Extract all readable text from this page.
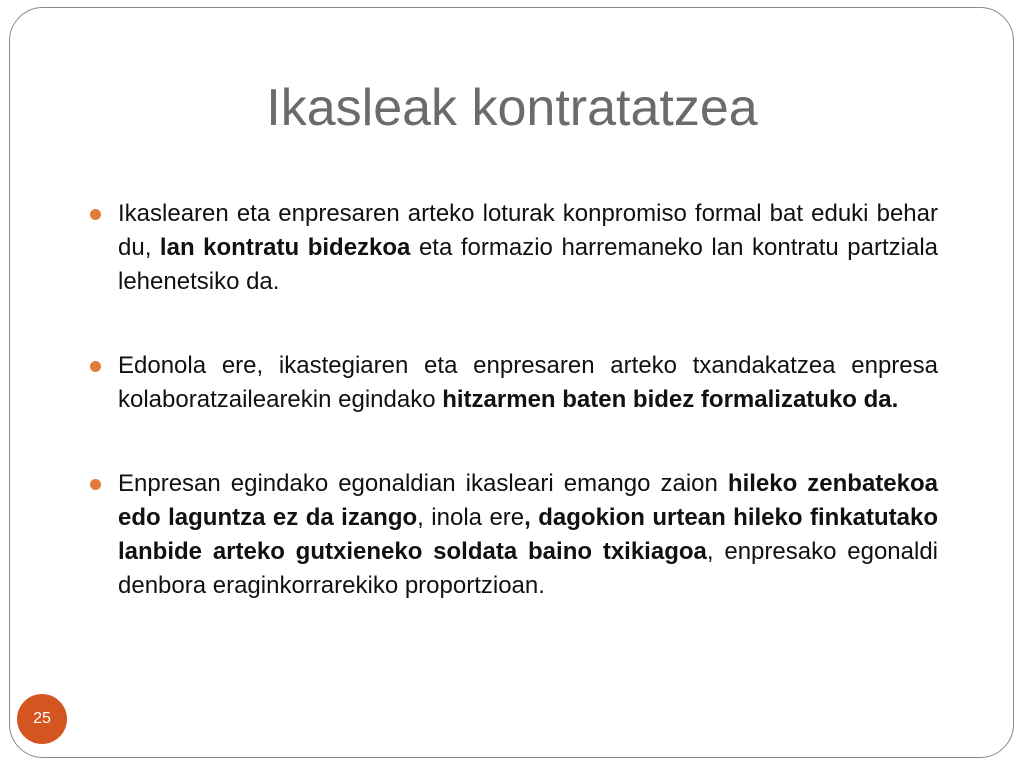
Ikasleak kontratatzea
Ikaslearen eta enpresaren arteko loturak konpromiso formal bat eduki behar du, lan kontratu bidezkoa eta formazio harremaneko lan kontratu partziala lehenetsiko da.
Edonola ere, ikastegiaren eta enpresaren arteko txandakatzea enpresa kolaboratzailearekin egindako hitzarmen baten bidez formalizatuko da.
Enpresan egindako egonaldian ikasleari emango zaion hileko zenbatekoa edo laguntza ez da izango, inola ere, dagokion urtean hileko finkatutako lanbide arteko gutxieneko soldata baino txikiagoa, enpresako egonaldi denbora eraginkorrarekiko proportzioan.
25
